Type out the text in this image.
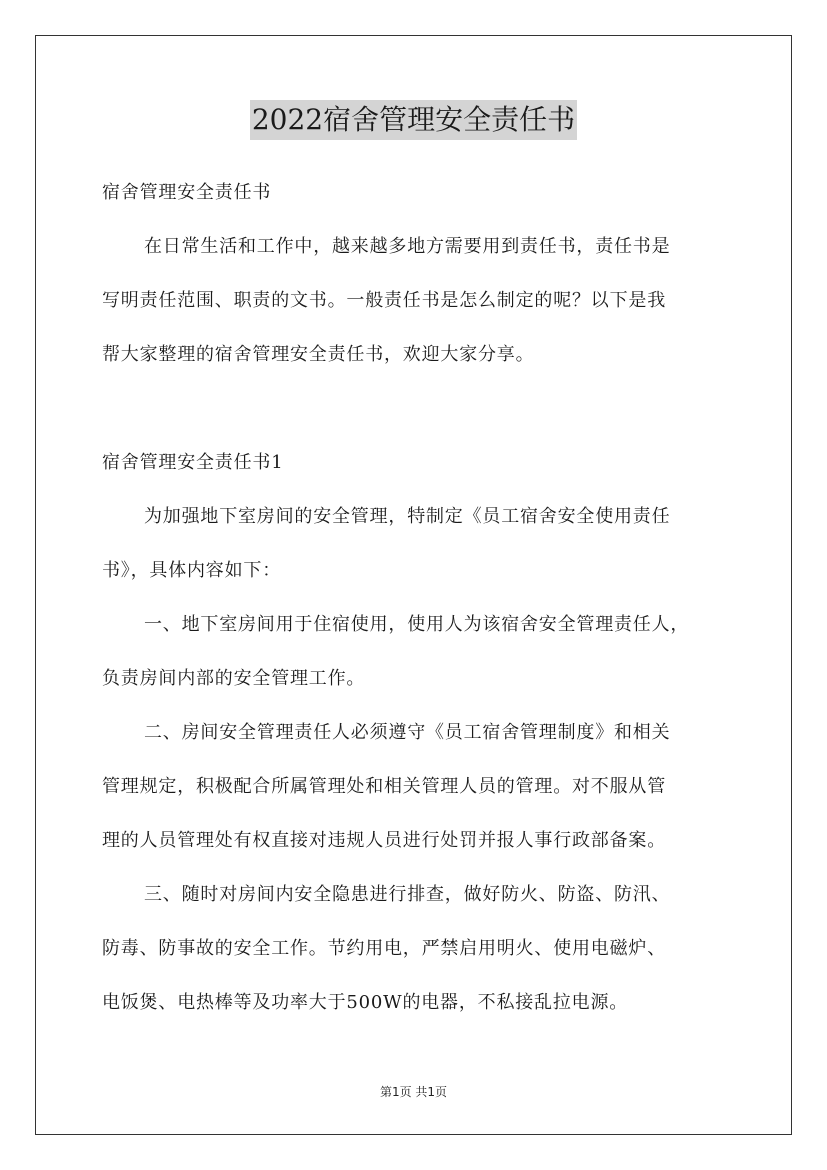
2022宿舍管理安全责任书
宿舍管理安全责任书
在日常生活和工作中，越来越多地方需要用到责任书，责任书是
写明责任范围、职责的文书。一般责任书是怎么制定的呢？以下是我
帮大家整理的宿舍管理安全责任书，欢迎大家分享。
宿舍管理安全责任书1
为加强地下室房间的安全管理，特制定《员工宿舍安全使用责任
书》，具体内容如下：
一、地下室房间用于住宿使用，使用人为该宿舍安全管理责任人，
负责房间内部的安全管理工作。
二、房间安全管理责任人必须遵守《员工宿舍管理制度》和相关
管理规定，积极配合所属管理处和相关管理人员的管理。对不服从管
理的人员管理处有权直接对违规人员进行处罚并报人事行政部备案。
三、随时对房间内安全隐患进行排查，做好防火、防盗、防汛、
防毒、防事故的安全工作。节约用电，严禁启用明火、使用电磁炉、
电饭煲、电热棒等及功率大于500W的电器，不私接乱拉电源。
第1页 共1页
